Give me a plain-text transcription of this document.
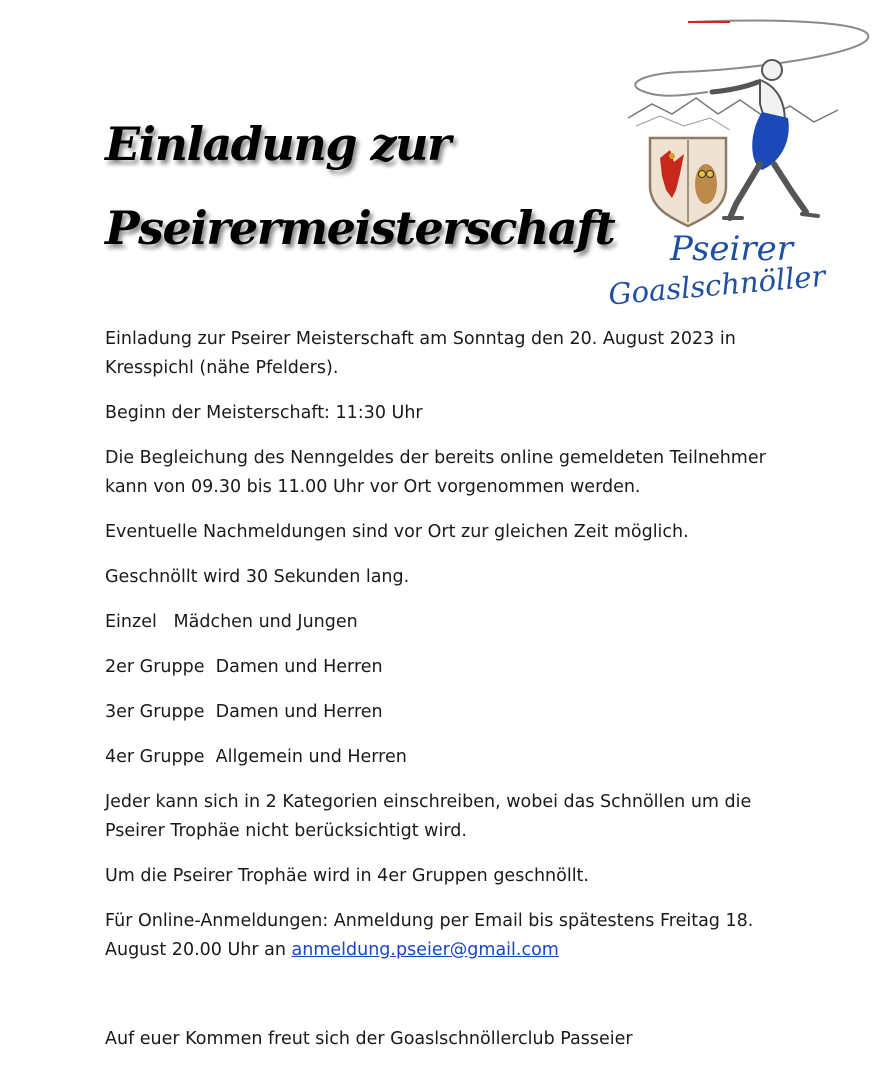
Einladung zur
Pseirermeisterschaft Pseirer
Goaslschnöller

Einladung zur Pseirer Meisterschaft am Sonntag den 20. August 2023 in Kresspichl (nähe Pfelders).

Beginn der Meisterschaft: 11:30 Uhr

Die Begleichung des Nenngeldes der bereits online gemeldeten Teilnehmer kann von 09.30 bis 11.00 Uhr vor Ort vorgenommen werden.

Eventuelle Nachmeldungen sind vor Ort zur gleichen Zeit möglich.

Geschnöllt wird 30 Sekunden lang.

Einzel   Mädchen und Jungen

2er Gruppe  Damen und Herren

3er Gruppe  Damen und Herren

4er Gruppe  Allgemein und Herren

Jeder kann sich in 2 Kategorien einschreiben, wobei das Schnöllen um die Pseirer Trophäe nicht berücksichtigt wird.

Um die Pseirer Trophäe wird in 4er Gruppen geschnöllt.

Für Online-Anmeldungen: Anmeldung per Email bis spätestens Freitag 18. August 20.00 Uhr an anmeldung.pseier@gmail.com

Auf euer Kommen freut sich der Goaslschnöllerclub Passeier
